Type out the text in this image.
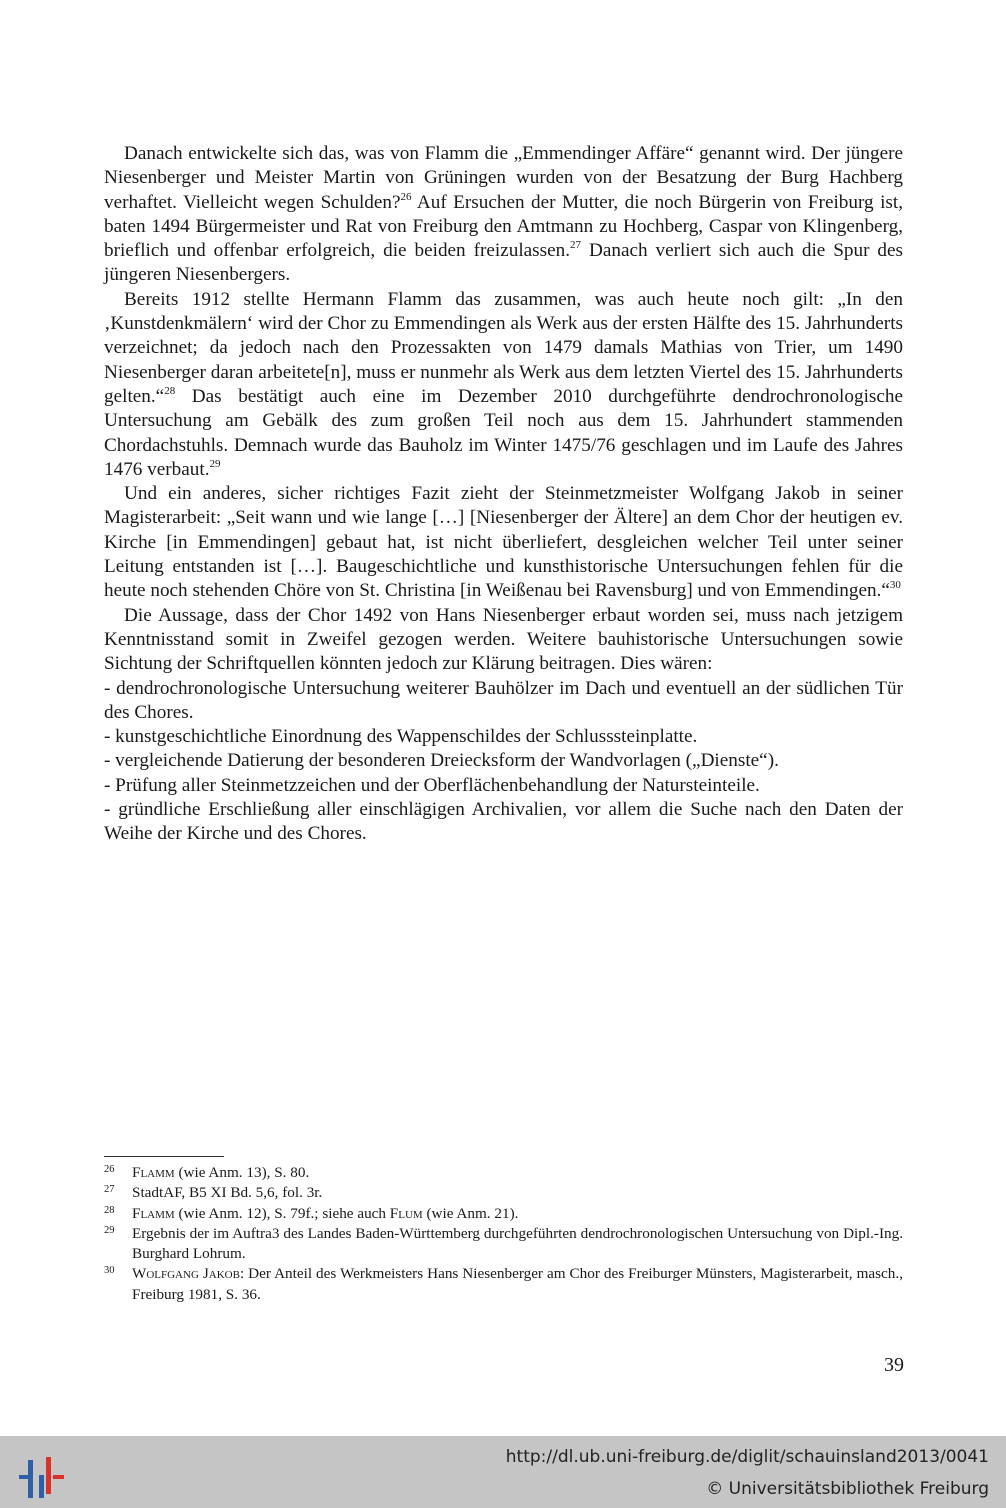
Danach entwickelte sich das, was von Flamm die „Emmendinger Affäre“ genannt wird. Der jüngere Niesenberger und Meister Martin von Grüningen wurden von der Besatzung der Burg Hachberg verhaftet. Vielleicht wegen Schulden?$^{26}$ Auf Ersuchen der Mutter, die noch Bürgerin von Freiburg ist, baten 1494 Bürgermeister und Rat von Freiburg den Amtmann zu Hochberg, Caspar von Klingenberg, brieflich und offenbar erfolgreich, die beiden freizulassen.$^{27}$ Danach verliert sich auch die Spur des jüngeren Niesenbergers.

Bereits 1912 stellte Hermann Flamm das zusammen, was auch heute noch gilt: „In den ‚Kunstdenkmälern‘ wird der Chor zu Emmendingen als Werk aus der ersten Hälfte des 15. Jahrhunderts verzeichnet; da jedoch nach den Prozessakten von 1479 damals Mathias von Trier, um 1490 Niesenberger daran arbeitete[n], muss er nunmehr als Werk aus dem letzten Viertel des 15. Jahrhunderts gelten.“$^{28}$ Das bestätigt auch eine im Dezember 2010 durchgeführte dendrochronologische Untersuchung am Gebälk des zum großen Teil noch aus dem 15. Jahrhundert stammenden Chordachstuhls. Demnach wurde das Bauholz im Winter 1475/76 geschlagen und im Laufe des Jahres 1476 verbaut.$^{29}$

Und ein anderes, sicher richtiges Fazit zieht der Steinmetzmeister Wolfgang Jakob in seiner Magisterarbeit: „Seit wann und wie lange […] [Niesenberger der Ältere] an dem Chor der heutigen ev. Kirche [in Emmendingen] gebaut hat, ist nicht überliefert, desgleichen welcher Teil unter seiner Leitung entstanden ist […]. Baugeschichtliche und kunsthistorische Untersuchungen fehlen für die heute noch stehenden Chöre von St. Christina [in Weißenau bei Ravensburg] und von Emmendingen.“$^{30}$

Die Aussage, dass der Chor 1492 von Hans Niesenberger erbaut worden sei, muss nach jetzigem Kenntnisstand somit in Zweifel gezogen werden. Weitere bauhistorische Untersuchungen sowie Sichtung der Schriftquellen könnten jedoch zur Klärung beitragen. Dies wären:

- dendrochronologische Untersuchung weiterer Bauhölzer im Dach und eventuell an der südlichen Tür des Chores.

- kunstgeschichtliche Einordnung des Wappenschildes der Schlusssteinplatte.

- vergleichende Datierung der besonderen Dreiecksform der Wandvorlagen („Dienste“).

- Prüfung aller Steinmetzzeichen und der Oberflächenbehandlung der Natursteinteile.

- gründliche Erschließung aller einschlägigen Archivalien, vor allem die Suche nach den Daten der Weihe der Kirche und des Chores.

26	Flamm (wie Anm. 13), S. 80.
27	StadtAF, B5 XI Bd. 5,6, fol. 3r.
28	Flamm (wie Anm. 12), S. 79f.; siehe auch Flum (wie Anm. 21).
29	Ergebnis der im Auftra3 des Landes Baden-Württemberg durchgeführten dendrochronologischen Untersuchung von Dipl.-Ing. Burghard Lohrum.
30	Wolfgang Jakob: Der Anteil des Werkmeisters Hans Niesenberger am Chor des Freiburger Münsters, Magisterarbeit, masch., Freiburg 1981, S. 36.
39
http://dl.ub.uni-freiburg.de/diglit/schauinsland2013/0041
© Universitätsbibliothek Freiburg
